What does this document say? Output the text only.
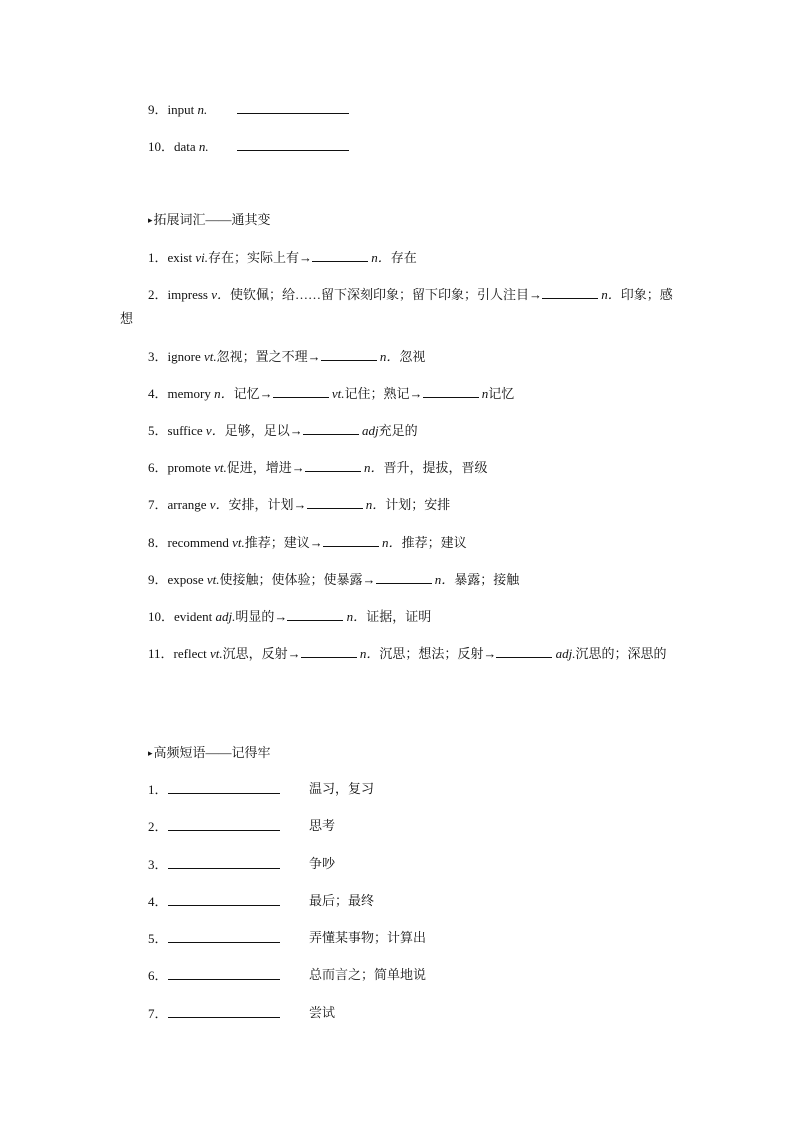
9．input n.
10．data n.
▸拓展词汇——通其变
1．exist vi.存在；实际上有→	n．存在
2．impress v．使钦佩；给……留下深刻印象；留下印象；引人注目→	n．印象；感想
3．ignore vt.忽视；置之不理→	n．忽视
4．memory n．记忆→	vt.记住；熟记→	n记忆
5．suffice v．足够，足以→	adj充足的
6．promote vt.促进，增进→	n．晋升，提拔，晋级
7．arrange v．安排，计划→	n．计划；安排
8．recommend vt.推荐；建议→	n．推荐；建议
9．expose vt.使接触；使体验；使暴露→	n．暴露；接触
10．evident adj.明显的→	n．证据，证明
11．reflect vt.沉思，反射→	n．沉思；想法；反射→	adj.沉思的；深思的
▸高频短语——记得牢
1．	温习，复习
2．	思考
3．	争吵
4．	最后；最终
5．	弄懂某事物；计算出
6．	总而言之；简单地说
7．	尝试
